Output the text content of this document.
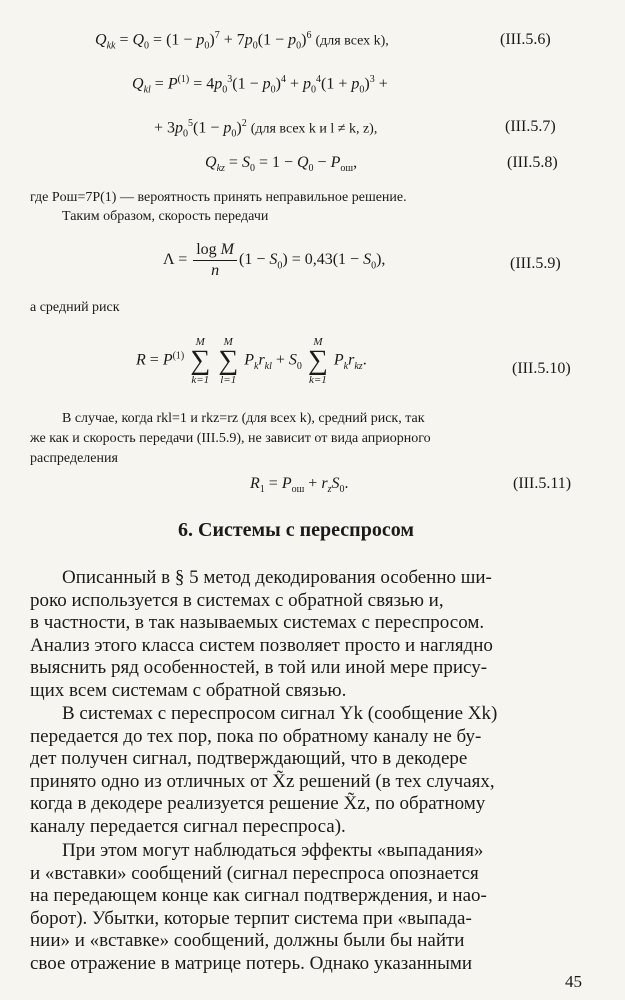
$Q_{kk} = Q_0 = (1 - p_0)^7 + 7p_0(1 - p_0)^6$ (для всех k),	(III.5.6)
$Q_{kl} = P^{(1)} = 4p_0^3(1 - p_0)^4 + p_0^4(1 + p_0)^3$ +
+ $3p_0^5(1 - p_0)^2$ (для всех k и l ≠ k, z),	(III.5.7)
$Q_{kz} = S_0 = 1 - Q_0 - P_{ош}$,	(III.5.8)
где Pош=7P(1) — вероятность принять неправильное решение.
Таким образом, скорость передачи
$\Lambda = \frac{\text{log M}}{n} (1 - S_0) = 0,43(1 - S_0)$,	(III.5.9)
а средний риск
$R = P^{(1)}$
M
∑
k=1

M
∑
l=1
$P_kr_{kl} + S_0$
M
∑
k=1
$P_kr_{kz}$.	(III.5.10)
В случае, когда rkl=1 и rkz=rz (для всех k), средний риск, так
же как и скорость передачи (III.5.9), не зависит от вида априорного
распределения
$R_1 = P_{ош} + r_zS_0$.	(III.5.11)
6. Системы с переспросом
Описанный в § 5 метод декодирования особенно ши-
роко используется в системах с обратной связью и,
в частности, в так называемых системах с переспросом.
Анализ этого класса систем позволяет просто и наглядно
выяснить ряд особенностей, в той или иной мере прису-
щих всем системам с обратной связью.
В системах с переспросом сигнал Yk (сообщение Xk)
передается до тех пор, пока по обратному каналу не бу-
дет получен сигнал, подтверждающий, что в декодере
принято одно из отличных от X̃z решений (в тех случаях,
когда в декодере реализуется решение X̃z, по обратному
каналу передается сигнал переспроса).
При этом могут наблюдаться эффекты «выпадания»
и «вставки» сообщений (сигнал переспроса опознается
на передающем конце как сигнал подтверждения, и нао-
борот). Убытки, которые терпит система при «выпада-
нии» и «вставке» сообщений, должны были бы найти
свое отражение в матрице потерь. Однако указанными
45
